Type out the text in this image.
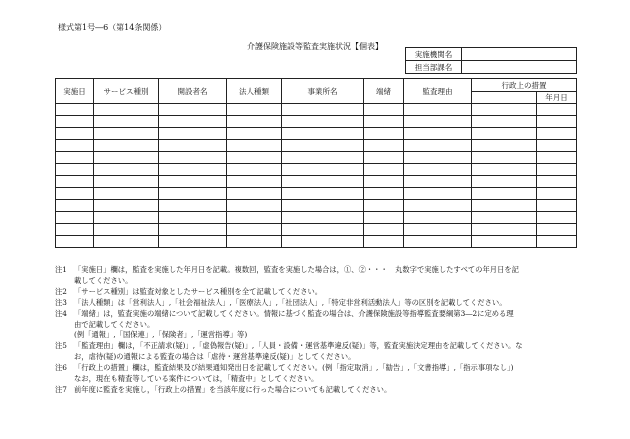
様式第1号―6（第14条関係）
介護保険施設等監査実施状況【個表】
実施機関名	
担当部課名	
実施日	サービス種別	開設者名	法人種類	事業所名	端緒	監査理由	行政上の措置	
								年月日

注1 「実施日」欄は，監査を実施した年月日を記載。複数回，監査を実施した場合は，①、②・・・　丸数字で実施したすべての年月日を記
載してください。
注2 「サービス種別」は監査対象としたサービス種別を全て記載してください。
注3 「法人種類」は「営利法人」,「社会福祉法人」,「医療法人」,「社団法人」,「特定非営利活動法人」等の区別を記載してください。
注4 「端緒」は，監査実施の端緒について記載してください。情報に基づく監査の場合は、介護保険施設等指導監査要綱第3―2に定める理
由で記載してください。
(例「通報」,「国保連」,「保険者」,「運営指導」等)
注5 「監査理由」欄は，「不正請求(疑)」,「虚偽報告(疑)」,「人員・設備・運営基準違反(疑)」等，監査実施決定理由を記載してください。な
お，虐待(疑)の通報による監査の場合は「虐待・運営基準違反(疑)」としてください。
注6 「行政上の措置」欄は，監査結果及び結果通知発出日を記載してください。(例「指定取消」,「勧告」,「文書指導」,「指示事項なし」)
なお，現在も精査等している案件については，「精査中」としてください。
注7 前年度に監査を実施し，「行政上の措置」を当該年度に行った場合についても記載してください。
